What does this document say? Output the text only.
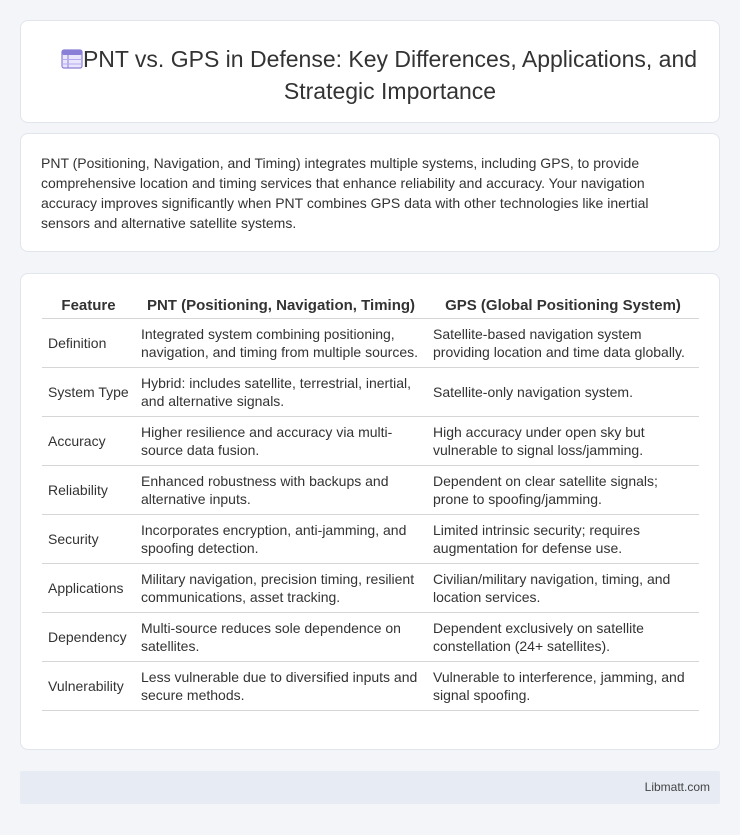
PNT vs. GPS in Defense: Key Differences, Applications, and Strategic Importance

PNT (Positioning, Navigation, and Timing) integrates multiple systems, including GPS, to provide comprehensive location and timing services that enhance reliability and accuracy. Your navigation accuracy improves significantly when PNT combines GPS data with other technologies like inertial sensors and alternative satellite systems.

Feature	PNT (Positioning, Navigation, Timing)	GPS (Global Positioning System)
Definition	Integrated system combining positioning, navigation, and timing from multiple sources.	Satellite-based navigation system providing location and time data globally.
System Type	Hybrid: includes satellite, terrestrial, inertial, and alternative signals.	Satellite-only navigation system.
Accuracy	Higher resilience and accuracy via multi-source data fusion.	High accuracy under open sky but vulnerable to signal loss/jamming.
Reliability	Enhanced robustness with backups and alternative inputs.	Dependent on clear satellite signals; prone to spoofing/jamming.
Security	Incorporates encryption, anti-jamming, and spoofing detection.	Limited intrinsic security; requires augmentation for defense use.
Applications	Military navigation, precision timing, resilient communications, asset tracking.	Civilian/military navigation, timing, and location services.
Dependency	Multi-source reduces sole dependence on satellites.	Dependent exclusively on satellite constellation (24+ satellites).
Vulnerability	Less vulnerable due to diversified inputs and secure methods.	Vulnerable to interference, jamming, and signal spoofing.
Libmatt.com
